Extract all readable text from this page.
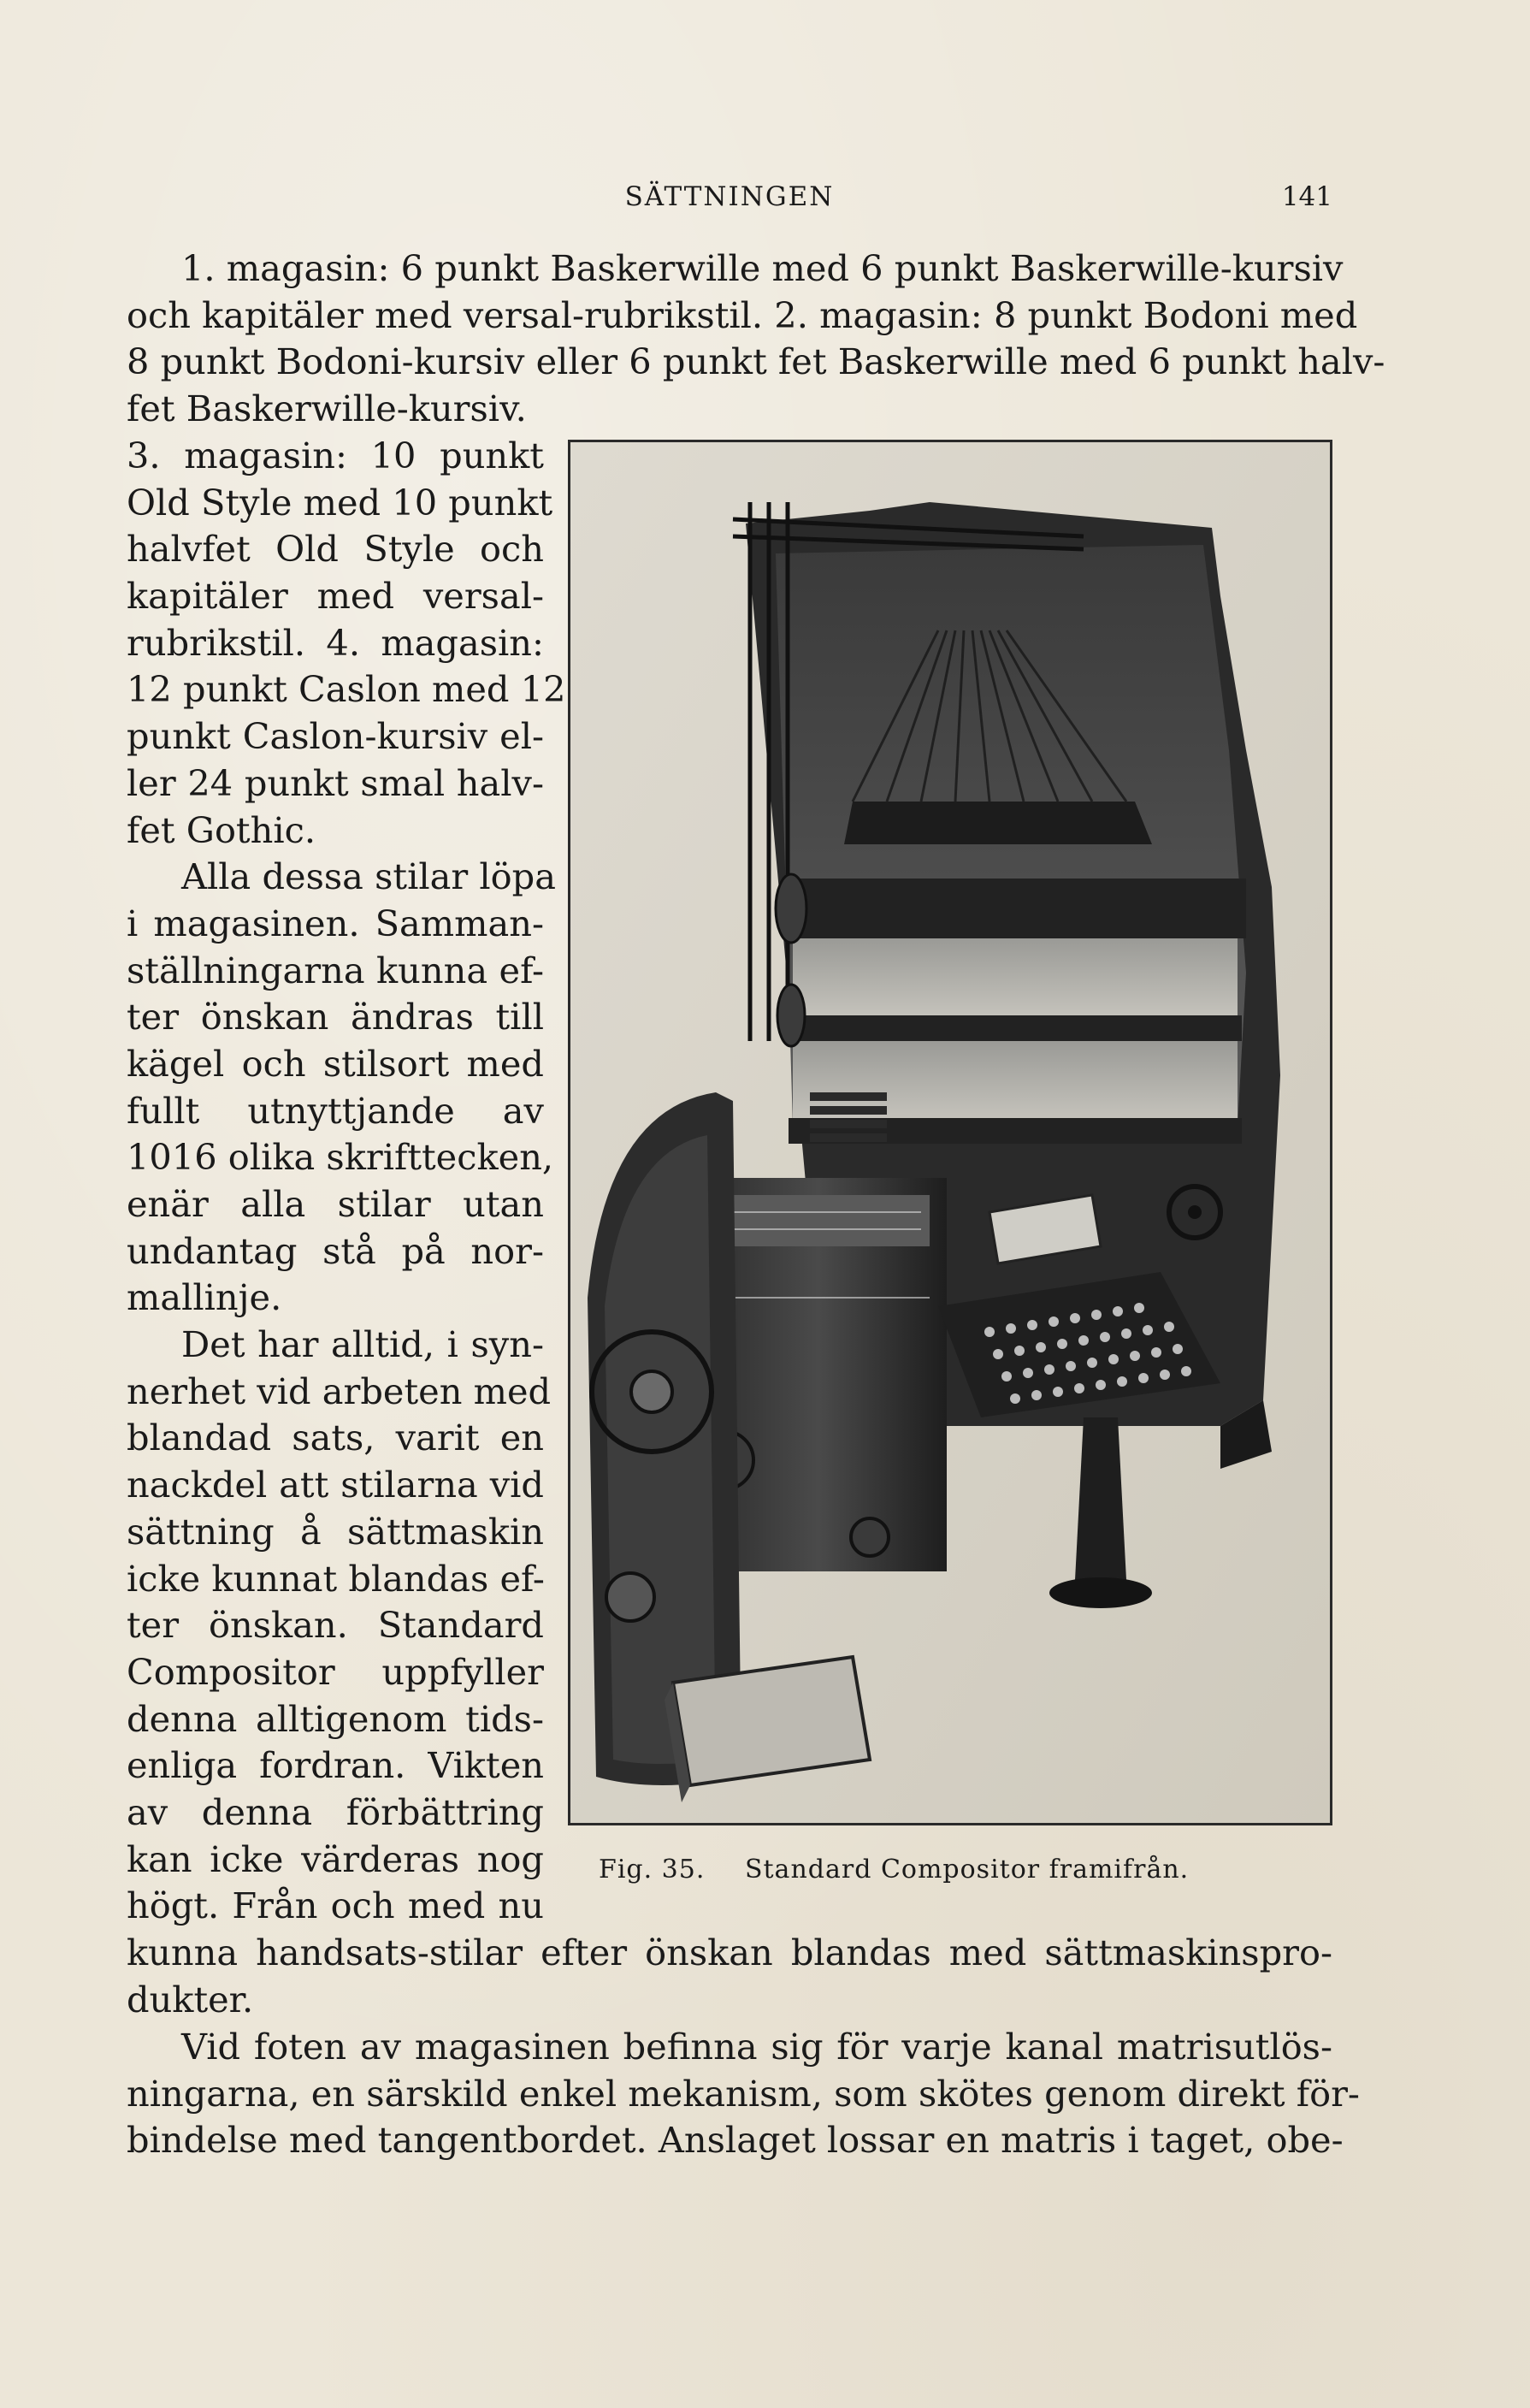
SÄTTNINGEN	141
1. magasin: 6 punkt Baskerwille med 6 punkt Baskerwille-kursiv
och kapitäler med versal-rubrikstil. 2. magasin: 8 punkt Bodoni med
8 punkt Bodoni-kursiv eller 6 punkt fet Baskerwille med 6 punkt halv-
fet Baskerwille-kursiv.
3. magasin: 10 punkt
Old Style med 10 punkt
halvfet Old Style och
kapitäler med versal-
rubrikstil. 4. magasin:
12 punkt Caslon med 12
punkt Caslon-kursiv el-
ler 24 punkt smal halv-
fet Gothic.
Alla dessa stilar löpa
i magasinen. Samman-
ställningarna kunna ef-
ter önskan ändras till
kägel och stilsort med
fullt utnyttjande av
1016 olika skrifttecken,
enär alla stilar utan
undantag stå på nor-
mallinje.
Det har alltid, i syn-
nerhet vid arbeten med
blandad sats, varit en
nackdel att stilarna vid
sättning å sättmaskin
icke kunnat blandas ef-
ter önskan. Standard
Compositor uppfyller
denna alltigenom tids-
enliga fordran. Vikten
av denna förbättring
kan icke värderas nog
högt. Från och med nu
kunna handsats-stilar efter önskan blandas med sättmaskinspro-
dukter.
Vid foten av magasinen befinna sig för varje kanal matrisutlös-
ningarna, en särskild enkel mekanism, som skötes genom direkt för-
bindelse med tangentbordet. Anslaget lossar en matris i taget, obe-
Fig. 35. Standard Compositor framifrån.
